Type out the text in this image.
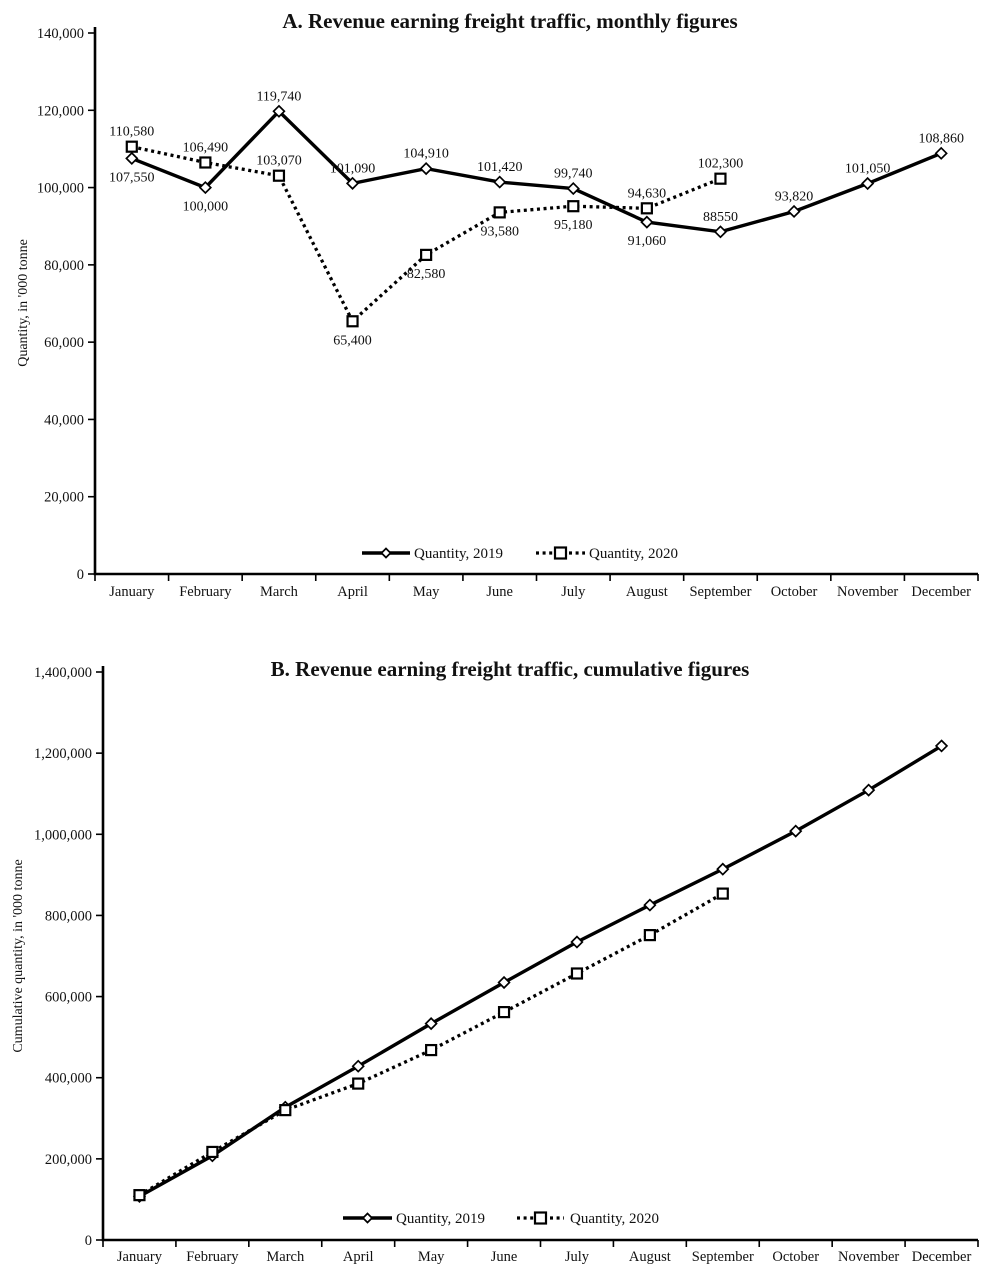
A. Revenue earning freight traffic, monthly figures
Quantity, in '000 tonne
0
20,000
40,000
60,000
80,000
100,000
120,000
140,000
January February March	April	May	June	July	August September October November December
107,550
100,000
119,740
101,090
104,910
101,420 99,740
91,060
88550
93,820
101,050
108,860
110,580
106,490
103,070
65,400
82,580
93,580	95,180
94,630
102,300
Quantity, 2019	Quantity, 2020
B. Revenue earning freight traffic, cumulative figures
Cumulative quantity, in '000 tonne
0
200,000
400,000
600,000
800,000
1,000,000
1,200,000
1,400,000
January February March	April	May	June	July	August September October November December
Quantity, 2019	Quantity, 2020
